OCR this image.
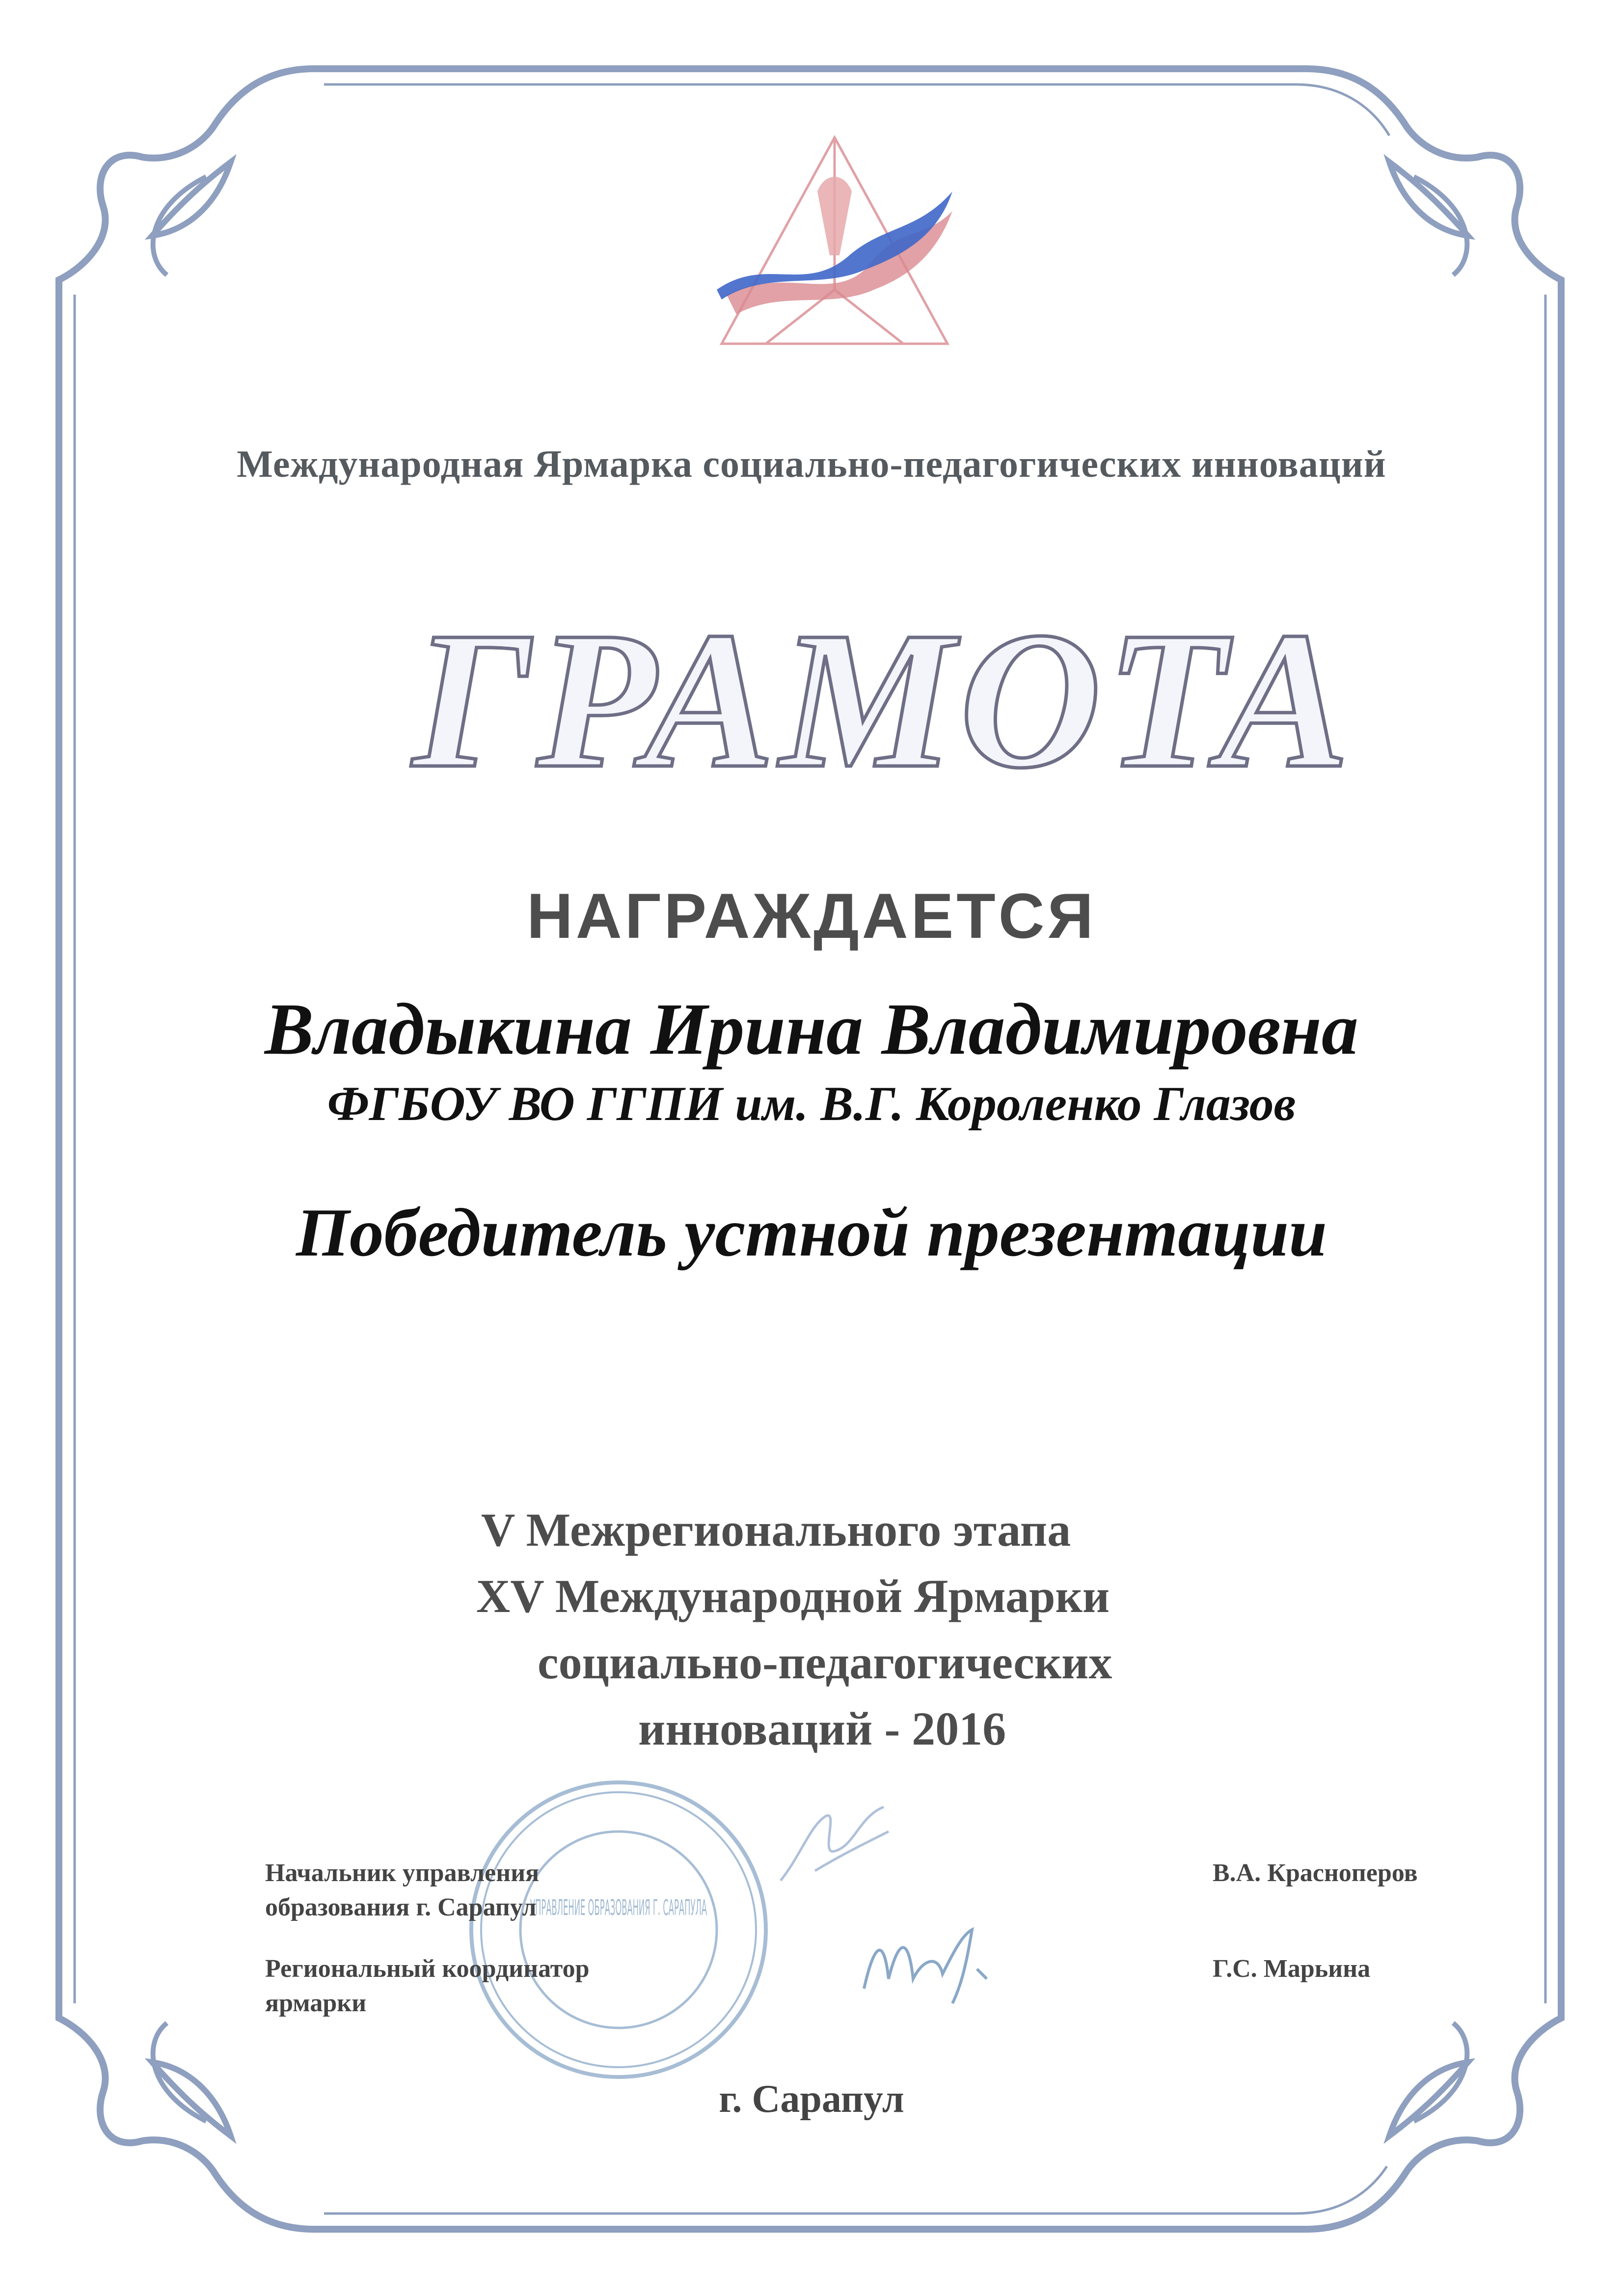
Международная Ярмарка социально-педагогических инноваций
ГРАМОТА
НАГРАЖДАЕТСЯ
Владыкина Ирина Владимировна
ФГБОУ ВО ГГПИ им. В.Г. Короленко Глазов
Победитель устной презентации
V Межрегионального этапа
XV Международной Ярмарки
социально-педагогических
инноваций - 2016
УПРАВЛЕНИЕ ОБРАЗОВАНИЯ Г. САРАПУЛА
Начальник управления образования г. Сарапул
В.А. Красноперов
Региональный координатор ярмарки
Г.С. Марьина
г. Сарапул
